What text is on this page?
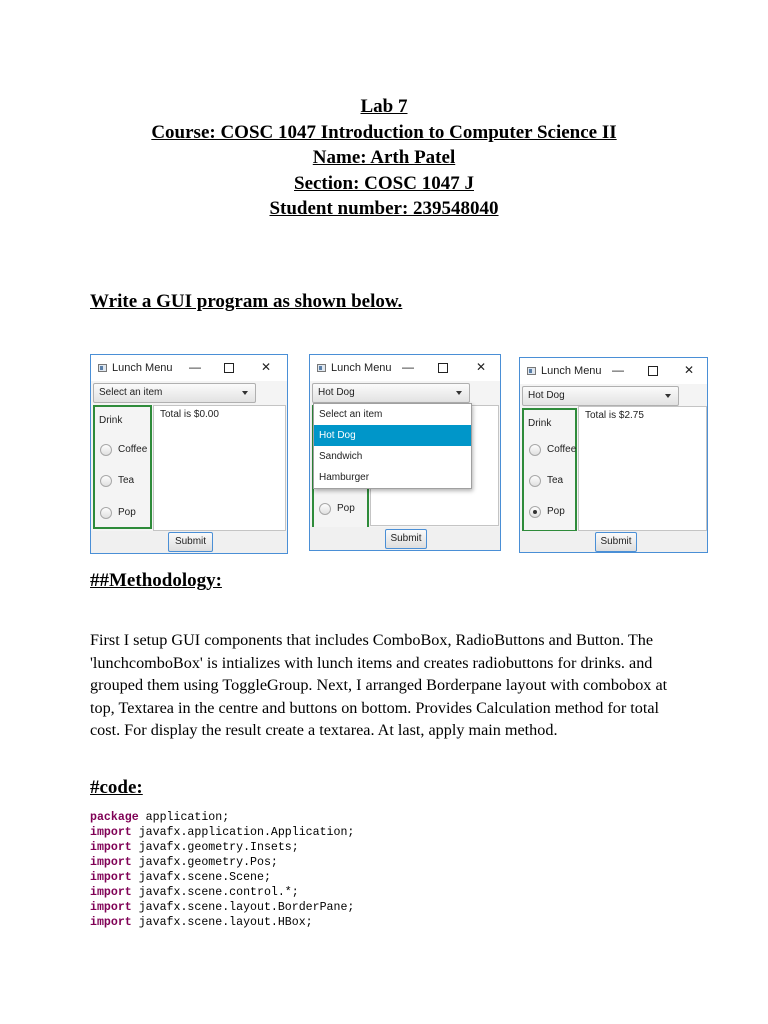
Lab 7
Course: COSC 1047 Introduction to Computer Science II
Name: Arth Patel
Section: COSC 1047 J
Student number: 239548040
Write a GUI program as shown below.
Lunch Menu —	✕
Select an item
Drink
Coffee
Tea
Pop
Total is $0.00
Submit
Lunch Menu —	✕
Hot Dog
Select an item
Hot Dog
Sandwich
Hamburger
Pop
Submit
Lunch Menu —	✕
Hot Dog
Drink
Coffee
Tea
Pop
Total is $2.75
Submit
##Methodology:
First I setup GUI components that includes ComboBox, RadioButtons and Button. The 'lunchcomboBox' is intializes with lunch items and creates radiobuttons for drinks. and grouped them using ToggleGroup. Next, I arranged Borderpane layout with combobox at top, Textarea in the centre and buttons on bottom. Provides Calculation method for total cost. For display the result create a textarea. At last, apply main method.
#code:
package application;
import javafx.application.Application;
import javafx.geometry.Insets;
import javafx.geometry.Pos;
import javafx.scene.Scene;
import javafx.scene.control.*;
import javafx.scene.layout.BorderPane;
import javafx.scene.layout.HBox;
